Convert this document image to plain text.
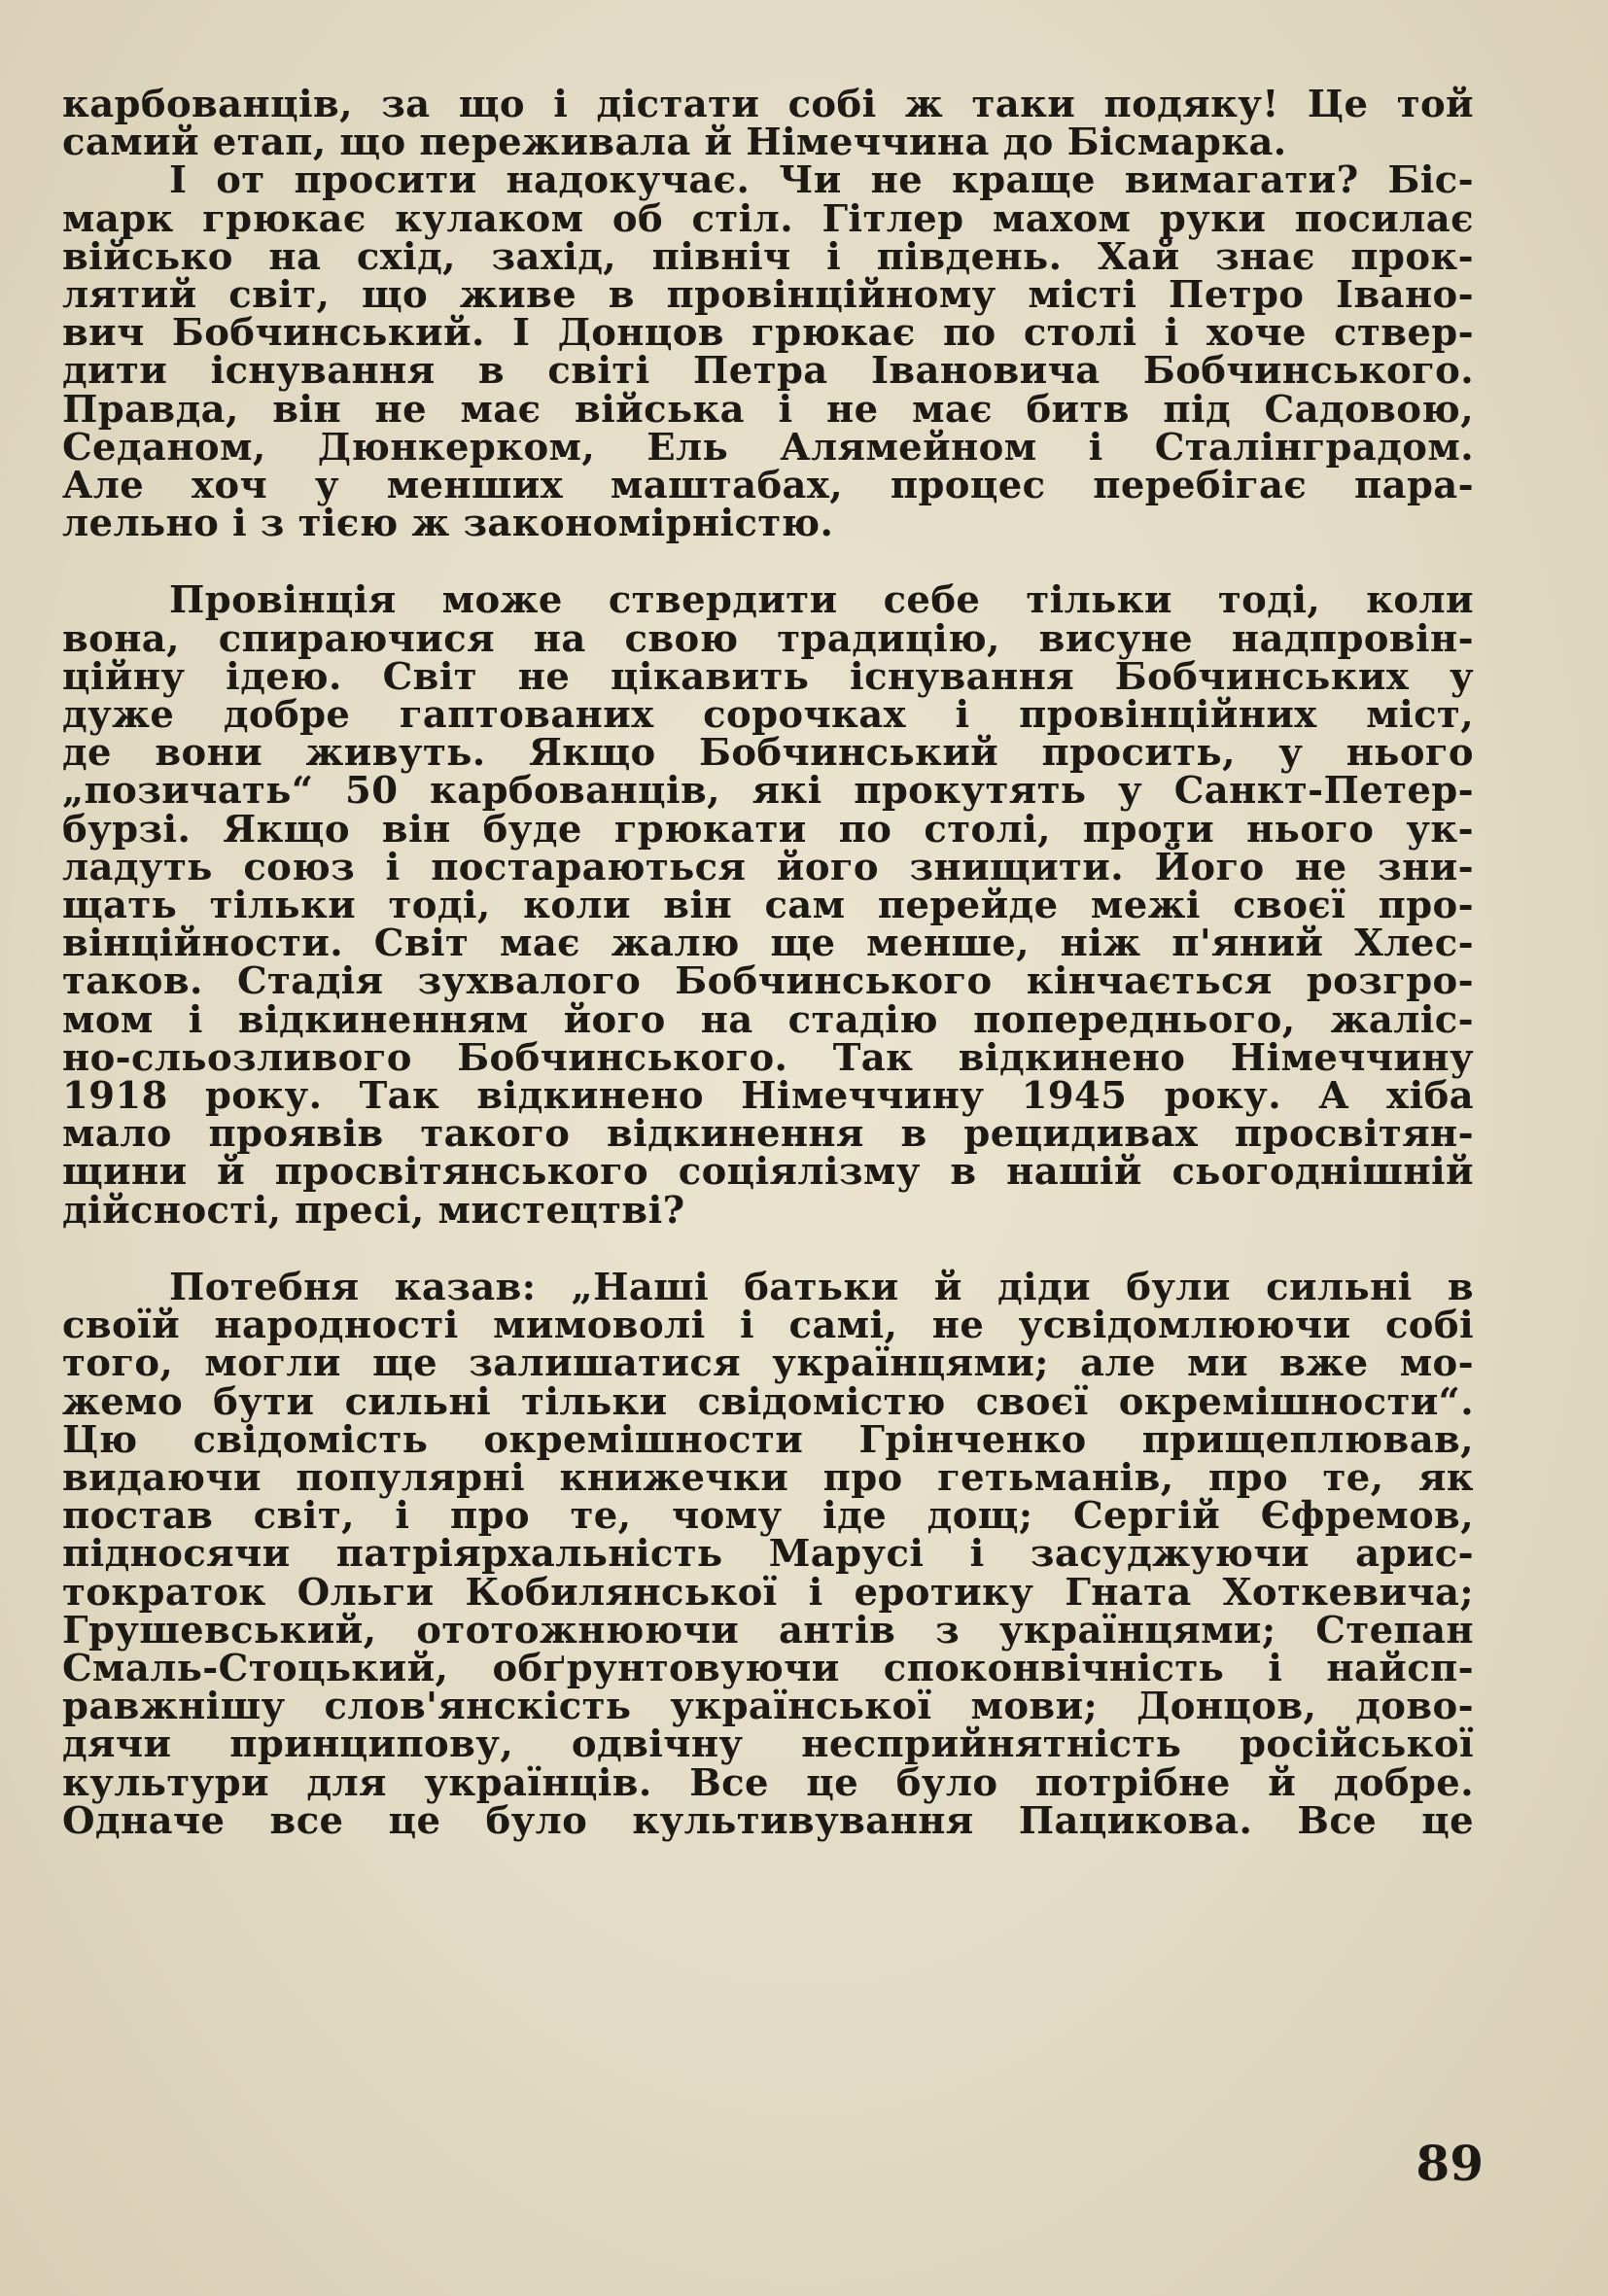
карбованців, за що і дістати собі ж таки подяку! Це той
самий етап, що переживала й Німеччина до Бісмарка.

І от просити надокучає. Чи не краще вимагати? Біс-
марк грюкає кулаком об стіл. Гітлер махом руки посилає
військо на схід, захід, північ і південь. Хай знає прок-
лятий світ, що живе в провінційному місті Петро Івано-
вич Бобчинський. І Донцов грюкає по столі і хоче ствер-
дити існування в світі Петра Івановича Бобчинського.
Правда, він не має війська і не має битв під Садовою,
Седаном, Дюнкерком, Ель Алямейном і Сталінградом.
Але хоч у менших маштабах, процес перебігає пара-
лельно і з тією ж закономірністю.

Провінція може ствердити себе тільки тоді, коли
вона, спираючися на свою традицію, висуне надпровін-
ційну ідею. Світ не цікавить існування Бобчинських у
дуже добре гаптованих сорочках і провінційних міст,
де вони живуть. Якщо Бобчинський просить, у нього
„позичать“ 50 карбованців, які прокутять у Санкт-Петер-
бурзі. Якщо він буде грюкати по столі, проти нього ук-
ладуть союз і постараються його знищити. Його не зни-
щать тільки тоді, коли він сам перейде межі своєї про-
вінційности. Світ має жалю ще менше, ніж п'яний Хлес-
таков. Стадія зухвалого Бобчинського кінчається розгро-
мом і відкиненням його на стадію попереднього, жаліс-
но-сльозливого Бобчинського. Так відкинено Німеччину
1918 року. Так відкинено Німеччину 1945 року. А хіба
мало проявів такого відкинення в рецидивах просвітян-
щини й просвітянського соціялізму в нашій сьогоднішній
дійсності, пресі, мистецтві?

Потебня казав: „Наші батьки й діди були сильні в
своїй народності мимоволі і самі, не усвідомлюючи собі
того, могли ще залишатися українцями; але ми вже мо-
жемо бути сильні тільки свідомістю своєї окремішности“.
Цю свідомість окремішности Грінченко прищеплював,
видаючи популярні книжечки про гетьманів, про те, як
постав світ, і про те, чому іде дощ; Сергій Єфремов,
підносячи патріярхальність Марусі і засуджуючи арис-
тократок Ольги Кобилянської і еротику Гната Хоткевича;
Грушевський, ототожнюючи антів з українцями; Степан
Смаль-Стоцький, обґрунтовуючи споконвічність і найсп-
равжнішу слов'янскість української мови; Донцов, дово-
дячи принципову, одвічну несприйнятність російської
культури для українців. Все це було потрібне й добре.
Одначе все це було культивування Пацикова. Все це

89
